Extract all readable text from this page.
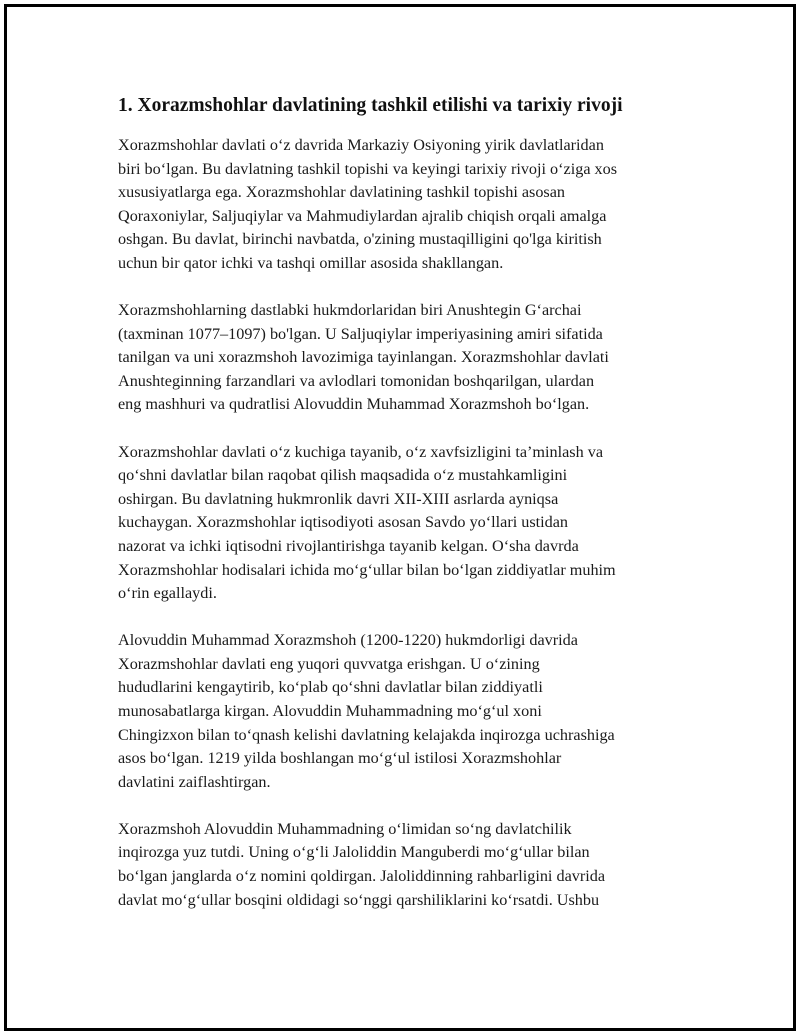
1. Xorazmshohlar davlatining tashkil etilishi va tarixiy rivoji

Xorazmshohlar davlati o‘z davrida Markaziy Osiyoning yirik davlatlaridan
biri bo‘lgan. Bu davlatning tashkil topishi va keyingi tarixiy rivoji o‘ziga xos
xususiyatlarga ega. Xorazmshohlar davlatining tashkil topishi asosan
Qoraxoniylar, Saljuqiylar va Mahmudiylardan ajralib chiqish orqali amalga
oshgan. Bu davlat, birinchi navbatda, o'zining mustaqilligini qo'lga kiritish
uchun bir qator ichki va tashqi omillar asosida shakllangan.

Xorazmshohlarning dastlabki hukmdorlaridan biri Anushtegin G‘archai
(taxminan 1077–1097) bo'lgan. U Saljuqiylar imperiyasining amiri sifatida
tanilgan va uni xorazmshoh lavozimiga tayinlangan. Xorazmshohlar davlati
Anushteginning farzandlari va avlodlari tomonidan boshqarilgan, ulardan
eng mashhuri va qudratlisi Alovuddin Muhammad Xorazmshoh bo‘lgan.

Xorazmshohlar davlati o‘z kuchiga tayanib, o‘z xavfsizligini ta’minlash va
qo‘shni davlatlar bilan raqobat qilish maqsadida o‘z mustahkamligini
oshirgan. Bu davlatning hukmronlik davri XII-XIII asrlarda ayniqsa
kuchaygan. Xorazmshohlar iqtisodiyoti asosan Savdo yo‘llari ustidan
nazorat va ichki iqtisodni rivojlantirishga tayanib kelgan. O‘sha davrda
Xorazmshohlar hodisalari ichida mo‘g‘ullar bilan bo‘lgan ziddiyatlar muhim
o‘rin egallaydi.

Alovuddin Muhammad Xorazmshoh (1200-1220) hukmdorligi davrida
Xorazmshohlar davlati eng yuqori quvvatga erishgan. U o‘zining
hududlarini kengaytirib, ko‘plab qo‘shni davlatlar bilan ziddiyatli
munosabatlarga kirgan. Alovuddin Muhammadning mo‘g‘ul xoni
Chingizxon bilan to‘qnash kelishi davlatning kelajakda inqirozga uchrashiga
asos bo‘lgan. 1219 yilda boshlangan mo‘g‘ul istilosi Xorazmshohlar
davlatini zaiflashtirgan.

Xorazmshoh Alovuddin Muhammadning o‘limidan so‘ng davlatchilik
inqirozga yuz tutdi. Uning o‘g‘li Jaloliddin Manguberdi mo‘g‘ullar bilan
bo‘lgan janglarda o‘z nomini qoldirgan. Jaloliddinning rahbarligini davrida
davlat mo‘g‘ullar bosqini oldidagi so‘nggi qarshiliklarini ko‘rsatdi. Ushbu
